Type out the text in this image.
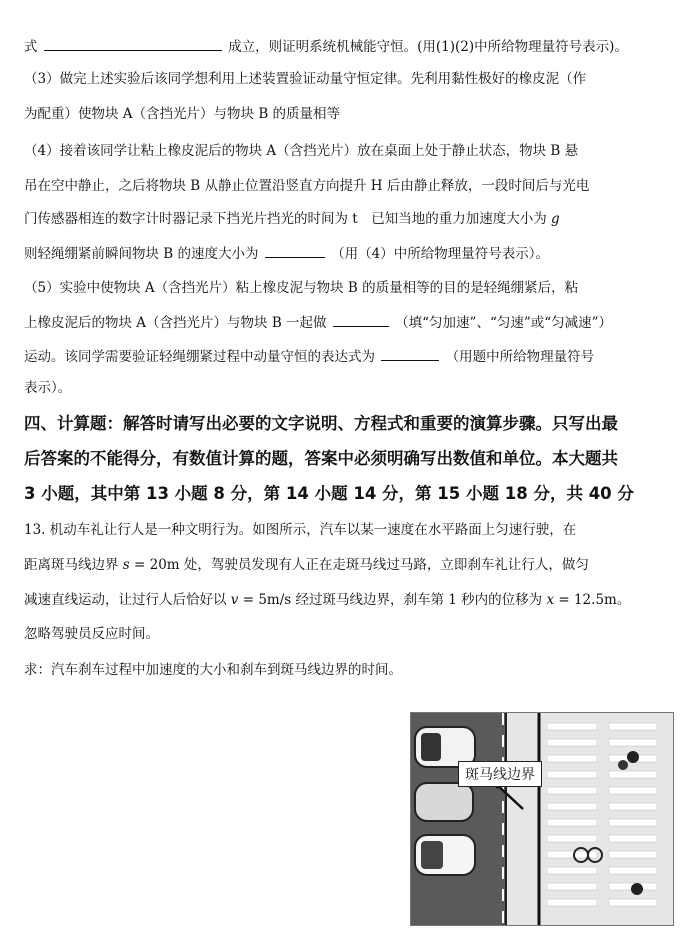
式	成立，则证明系统机械能守恒。(用(1)(2)中所给物理量符号表示)。
（3）做完上述实验后该同学想利用上述装置验证动量守恒定律。先利用黏性极好的橡皮泥（作
为配重）使物块 A（含挡光片）与物块 B 的质量相等
（4）接着该同学让粘上橡皮泥后的物块 A（含挡光片）放在桌面上处于静止状态，物块 B 悬
吊在空中静止，之后将物块 B 从静止位置沿竖直方向提升 H 后由静止释放，一段时间后与光电
门传感器相连的数字计时器记录下挡光片挡光的时间为 t　已知当地的重力加速度大小为 g
则轻绳绷紧前瞬间物块 B 的速度大小为	（用（4）中所给物理量符号表示）。
（5）实验中使物块 A（含挡光片）粘上橡皮泥与物块 B 的质量相等的目的是轻绳绷紧后，粘
上橡皮泥后的物块 A（含挡光片）与物块 B 一起做	（填“匀加速”、“匀速”或“匀减速”）
运动。该同学需要验证轻绳绷紧过程中动量守恒的表达式为	（用题中所给物理量符号
表示）。
四、计算题：解答时请写出必要的文字说明、方程式和重要的演算步骤。只写出最
后答案的不能得分，有数值计算的题，答案中必须明确写出数值和单位。本大题共
3 小题，其中第 13 小题 8 分，第 14 小题 14 分，第 15 小题 18 分，共 40 分
13. 机动车礼让行人是一种文明行为。如图所示，汽车以某一速度在水平路面上匀速行驶，在
距离斑马线边界 s = 20m 处，驾驶员发现有人正在走斑马线过马路，立即刹车礼让行人，做匀
减速直线运动，让过行人后恰好以 v = 5m/s 经过斑马线边界，刹车第 1 秒内的位移为 x = 12.5m。
忽略驾驶员反应时间。
求：汽车刹车过程中加速度的大小和刹车到斑马线边界的时间。
斑马线边界
